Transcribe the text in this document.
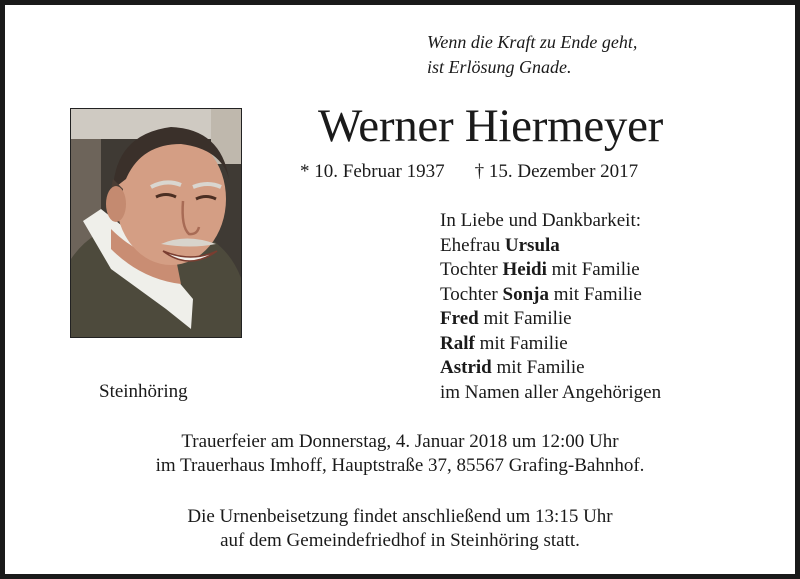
Wenn die Kraft zu Ende geht,
ist Erlösung Gnade.
Werner Hiermeyer
* 10. Februar 1937 † 15. Dezember 2017
In Liebe und Dankbarkeit:
Ehefrau Ursula
Tochter Heidi mit Familie
Tochter Sonja mit Familie
Fred mit Familie
Ralf mit Familie
Astrid mit Familie
im Namen aller Angehörigen
Steinhöring
Trauerfeier am Donnerstag, 4. Januar 2018 um 12:00 Uhr
im Trauerhaus Imhoff, Hauptstraße 37, 85567 Grafing-Bahnhof.
Die Urnenbeisetzung findet anschließend um 13:15 Uhr
auf dem Gemeindefriedhof in Steinhöring statt.
